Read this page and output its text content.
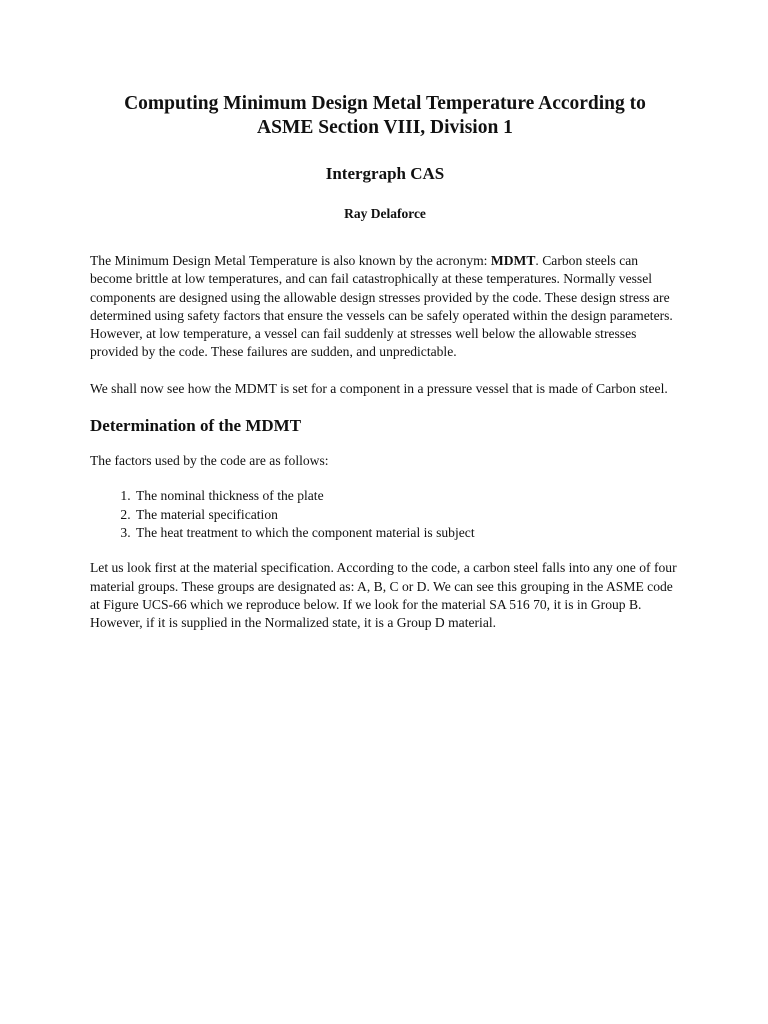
Computing Minimum Design Metal Temperature According to
ASME Section VIII, Division 1
Intergraph CAS
Ray Delaforce

The Minimum Design Metal Temperature is also known by the acronym: MDMT. Carbon steels can become brittle at low temperatures, and can fail catastrophically at these temperatures. Normally vessel components are designed using the allowable design stresses provided by the code. These design stress are determined using safety factors that ensure the vessels can be safely operated within the design parameters. However, at low temperature, a vessel can fail suddenly at stresses well below the allowable stresses provided by the code. These failures are sudden, and unpredictable.

We shall now see how the MDMT is set for a component in a pressure vessel that is made of Carbon steel.

Determination of the MDMT

The factors used by the code are as follows:

1. The nominal thickness of the plate
2. The material specification
3. The heat treatment to which the component material is subject

Let us look first at the material specification. According to the code, a carbon steel falls into any one of four material groups. These groups are designated as: A, B, C or D. We can see this grouping in the ASME code at Figure UCS-66 which we reproduce below. If we look for the material SA 516 70, it is in Group B. However, if it is supplied in the Normalized state, it is a Group D material.
